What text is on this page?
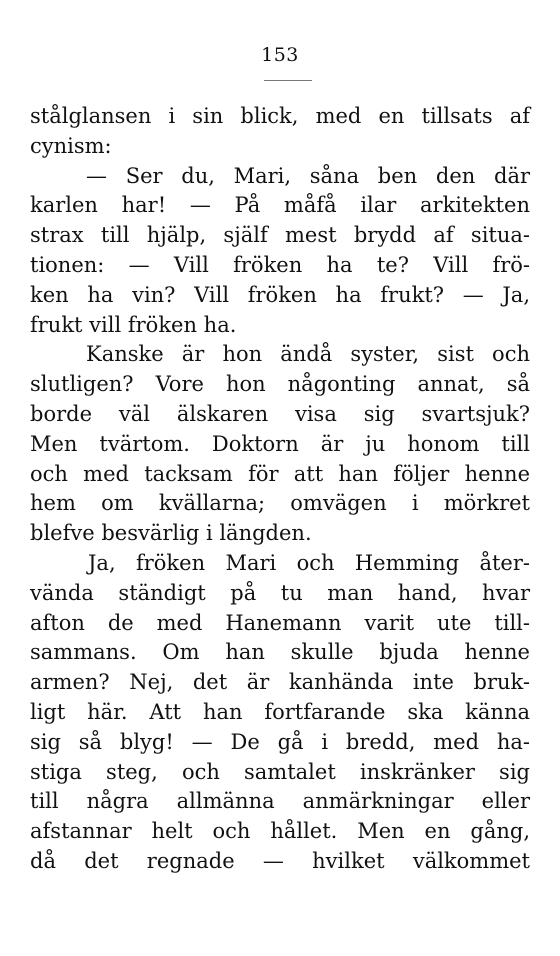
153
stålglansen i sin blick, med en tillsats af
cynism:
— Ser du, Mari, såna ben den där
karlen har! — På måfå ilar arkitekten
strax till hjälp, själf mest brydd af situa-
tionen: — Vill fröken ha te? Vill frö-
ken ha vin? Vill fröken ha frukt? — Ja,
frukt vill fröken ha.
Kanske är hon ändå syster, sist och
slutligen? Vore hon någonting annat, så
borde väl älskaren visa sig svartsjuk?
Men tvärtom. Doktorn är ju honom till
och med tacksam för att han följer henne
hem om kvällarna; omvägen i mörkret
blefve besvärlig i längden.
Ja, fröken Mari och Hemming åter-
vända ständigt på tu man hand, hvar
afton de med Hanemann varit ute till-
sammans. Om han skulle bjuda henne
armen? Nej, det är kanhända inte bruk-
ligt här. Att han fortfarande ska känna
sig så blyg! — De gå i bredd, med ha-
stiga steg, och samtalet inskränker sig
till några allmänna anmärkningar eller
afstannar helt och hållet. Men en gång,
då det regnade — hvilket välkommet
